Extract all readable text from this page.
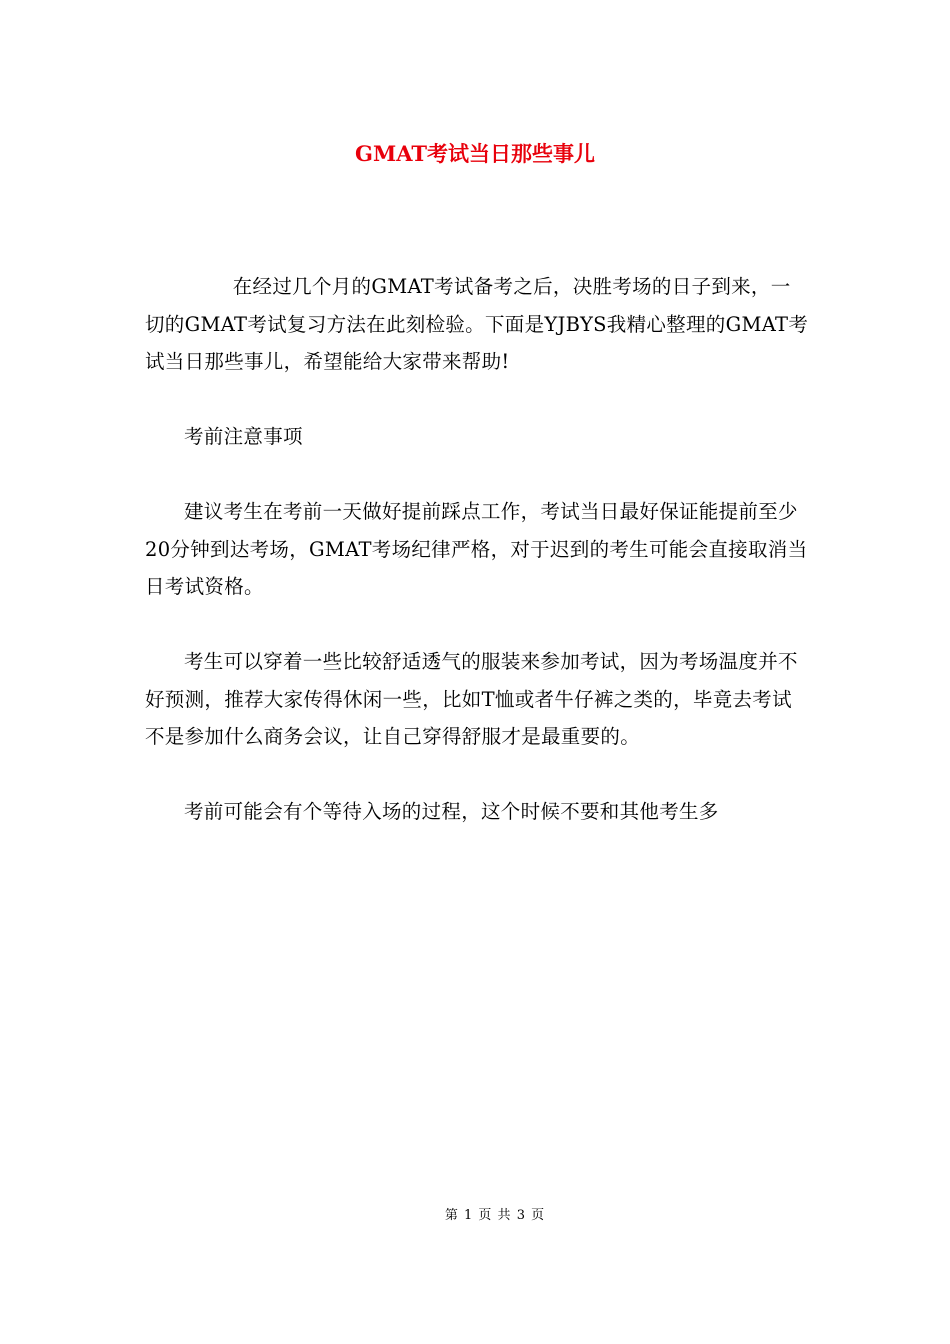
GMAT考试当日那些事儿

在经过几个月的GMAT考试备考之后，决胜考场的日子到来，一切的GMAT考试复习方法在此刻检验。下面是YJBYS我精心整理的GMAT考试当日那些事儿，希望能给大家带来帮助!

考前注意事项

建议考生在考前一天做好提前踩点工作，考试当日最好保证能提前至少20分钟到达考场，GMAT考场纪律严格，对于迟到的考生可能会直接取消当日考试资格。

考生可以穿着一些比较舒适透气的服装来参加考试，因为考场温度并不好预测，推荐大家传得休闲一些，比如T恤或者牛仔裤之类的，毕竟去考试不是参加什么商务会议，让自己穿得舒服才是最重要的。

考前可能会有个等待入场的过程，这个时候不要和其他考生多

第 1 页 共 3 页
